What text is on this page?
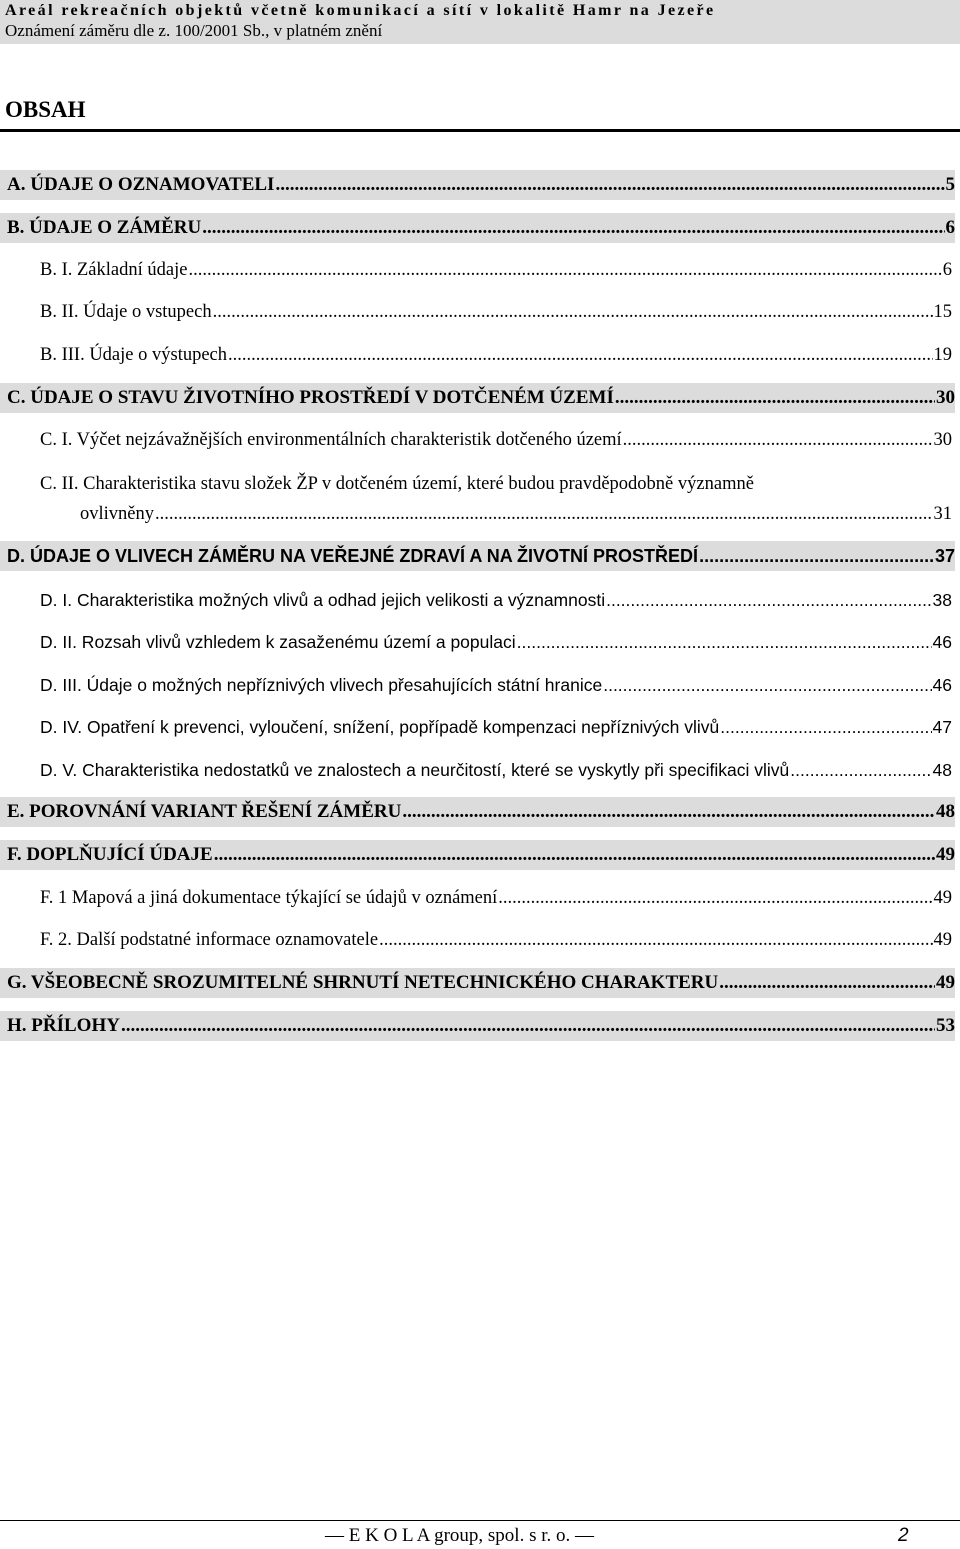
Areál rekreačních objektů včetně komunikací a sítí v lokalitě Hamr na Jezeře
Oznámení záměru dle z. 100/2001 Sb., v platném znění
OBSAH
A. ÚDAJE O OZNAMOVATELI .....	5
B. ÚDAJE O ZÁMĚRU .....	6
B. I. Základní údaje .....	6
B. II. Údaje o vstupech .....	15
B. III. Údaje o výstupech .....	19
C. ÚDAJE O STAVU ŽIVOTNÍHO PROSTŘEDÍ V DOTČENÉM ÚZEMÍ .....	30
C. I. Výčet nejzávažnějších environmentálních charakteristik dotčeného území .....	30
C. II. Charakteristika stavu složek ŽP v dotčeném území, které budou pravděpodobně významně
ovlivněny .....	31
D. ÚDAJE O VLIVECH ZÁMĚRU NA VEŘEJNÉ ZDRAVÍ A NA ŽIVOTNÍ PROSTŘEDÍ .....	37
D. I. Charakteristika možných vlivů a odhad jejich velikosti a významnosti .....	38
D. II. Rozsah vlivů vzhledem k zasaženému území a populaci .....	46
D. III. Údaje o možných nepříznivých vlivech přesahujících státní hranice .....	46
D. IV. Opatření k prevenci, vyloučení, snížení, popřípadě kompenzaci nepříznivých vlivů .....	47
D. V. Charakteristika nedostatků ve znalostech a neurčitostí, které se vyskytly při specifikaci vlivů .....	48
E. POROVNÁNÍ VARIANT ŘEŠENÍ ZÁMĚRU .....	48
F. DOPLŇUJÍCÍ ÚDAJE .....	49
F. 1 Mapová a jiná dokumentace týkající se údajů v oznámení .....	49
F. 2. Další podstatné informace oznamovatele .....	49
G. VŠEOBECNĚ SROZUMITELNÉ SHRNUTÍ NETECHNICKÉHO CHARAKTERU .....	49
H. PŘÍLOHY .....	53
— E K O L A group, spol. s r. o. —	2
